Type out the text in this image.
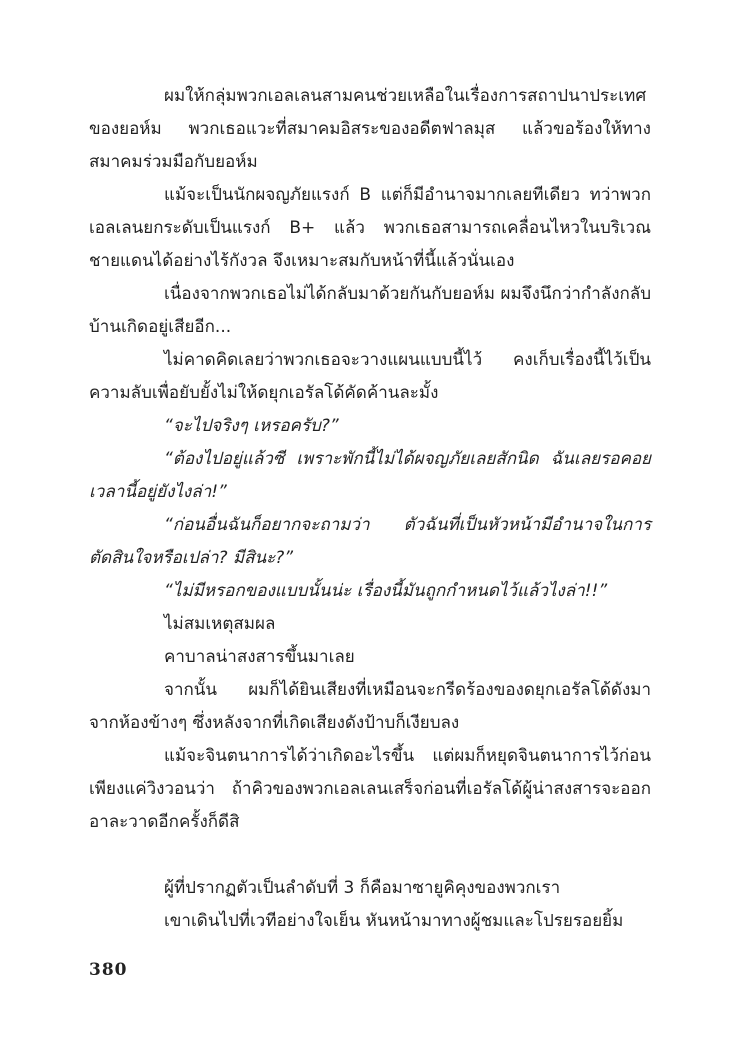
ผมให้กลุ่มพวกเอลเลนสามคนช่วยเหลือในเรื่องการสถาปนาประเทศของยอห์ม พวกเธอแวะที่สมาคมอิสระของอดีตฟาลมุส แล้วขอร้องให้ทางสมาคมร่วมมือกับยอห์ม

แม้จะเป็นนักผจญภัยแรงก์ B แต่ก็มีอำนาจมากเลยทีเดียว ทว่าพวกเอลเลนยกระดับเป็นแรงก์ B+ แล้ว พวกเธอสามารถเคลื่อนไหวในบริเวณชายแดนได้อย่างไร้กังวล จึงเหมาะสมกับหน้าที่นี้แล้วนั่นเอง

เนื่องจากพวกเธอไม่ได้กลับมาด้วยกันกับยอห์ม ผมจึงนึกว่ากำลังกลับบ้านเกิดอยู่เสียอีก...

ไม่คาดคิดเลยว่าพวกเธอจะวางแผนแบบนี้ไว้ คงเก็บเรื่องนี้ไว้เป็นความลับเพื่อยับยั้งไม่ให้ดยุกเอรัลโด้คัดค้านละมั้ง

“จะไปจริงๆ เหรอครับ?”

“ต้องไปอยู่แล้วซี เพราะพักนี้ไม่ได้ผจญภัยเลยสักนิด ฉันเลยรอคอยเวลานี้อยู่ยังไงล่า!”

“ก่อนอื่นฉันก็อยากจะถามว่า ตัวฉันที่เป็นหัวหน้ามีอำนาจในการตัดสินใจหรือเปล่า? มีสินะ?”

“ไม่มีหรอกของแบบนั้นน่ะ เรื่องนี้มันถูกกำหนดไว้แล้วไงล่า!!”

ไม่สมเหตุสมผล

คาบาลน่าสงสารขึ้นมาเลย

จากนั้น ผมก็ได้ยินเสียงที่เหมือนจะกรีดร้องของดยุกเอรัลโด้ดังมาจากห้องข้างๆ ซึ่งหลังจากที่เกิดเสียงดังป้าบก็เงียบลง

แม้จะจินตนาการได้ว่าเกิดอะไรขึ้น แต่ผมก็หยุดจินตนาการไว้ก่อนเพียงแค่วิงวอนว่า ถ้าคิวของพวกเอลเลนเสร็จก่อนที่เอรัลโด้ผู้น่าสงสารจะออกอาละวาดอีกครั้งก็ดีสิ

ผู้ที่ปรากฏตัวเป็นลำดับที่ 3 ก็คือมาซายูคิคุงของพวกเรา

เขาเดินไปที่เวทีอย่างใจเย็น หันหน้ามาทางผู้ชมและโปรยรอยยิ้ม

380
